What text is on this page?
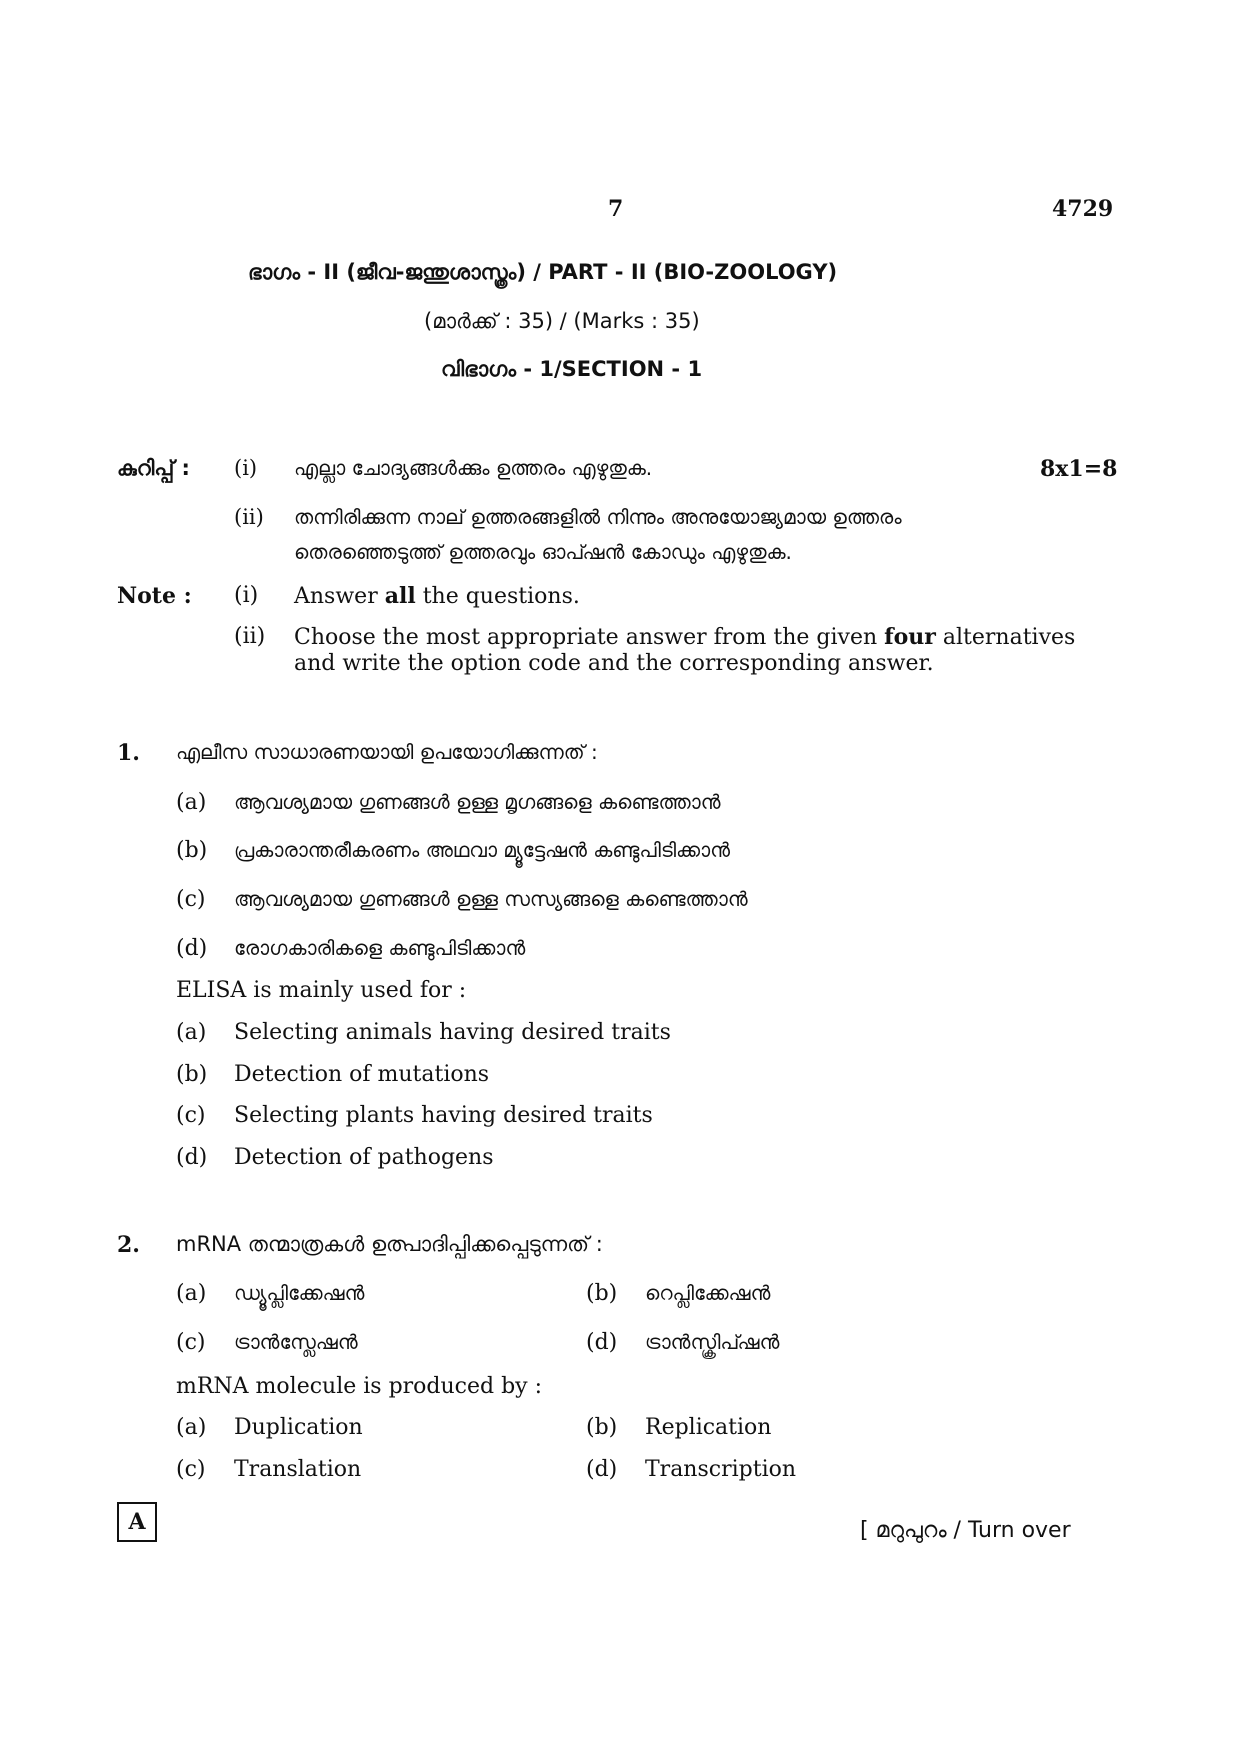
7	4729
ഭാഗം - II (ജീവ-ജന്തുശാസ്ത്രം) / PART - II (BIO-ZOOLOGY)
(മാർക്ക് : 35) / (Marks : 35)
വിഭാഗം - 1/SECTION - 1
കുറിപ്പ് : (i) എല്ലാ ചോദ്യങ്ങൾക്കും ഉത്തരം എഴുതുക.	8x1=8
(ii) തന്നിരിക്കുന്ന നാല് ഉത്തരങ്ങളിൽ നിന്നും അനുയോജ്യമായ ഉത്തരം
തെരഞ്ഞെടുത്ത് ഉത്തരവും ഓപ്ഷൻ കോഡും എഴുതുക.
Note : (i) Answer all the questions.
(ii) Choose the most appropriate answer from the given four alternatives
and write the option code and the corresponding answer.
1. എലീസ സാധാരണയായി ഉപയോഗിക്കുന്നത് :
(a) ആവശ്യമായ ഗുണങ്ങൾ ഉള്ള മൃഗങ്ങളെ കണ്ടെത്താൻ
(b) പ്രകാരാന്തരീകരണം അഥവാ മ്യൂട്ടേഷൻ കണ്ടുപിടിക്കാൻ
(c) ആവശ്യമായ ഗുണങ്ങൾ ഉള്ള സസ്യങ്ങളെ കണ്ടെത്താൻ
(d) രോഗകാരികളെ കണ്ടുപിടിക്കാൻ
ELISA is mainly used for :
(a) Selecting animals having desired traits
(b) Detection of mutations
(c) Selecting plants having desired traits
(d) Detection of pathogens
2. mRNA തന്മാത്രകൾ ഉത്പാദിപ്പിക്കപ്പെടുന്നത് :
(a) ഡ്യൂപ്ലിക്കേഷൻ	(b) റെപ്ലിക്കേഷൻ
(c) ട്രാൻസ്ലേഷൻ	(d) ട്രാൻസ്ക്രിപ്ഷൻ
mRNA molecule is produced by :
(a) Duplication	(b) Replication
(c) Translation	(d) Transcription
A	[ മറുപുറം / Turn over
